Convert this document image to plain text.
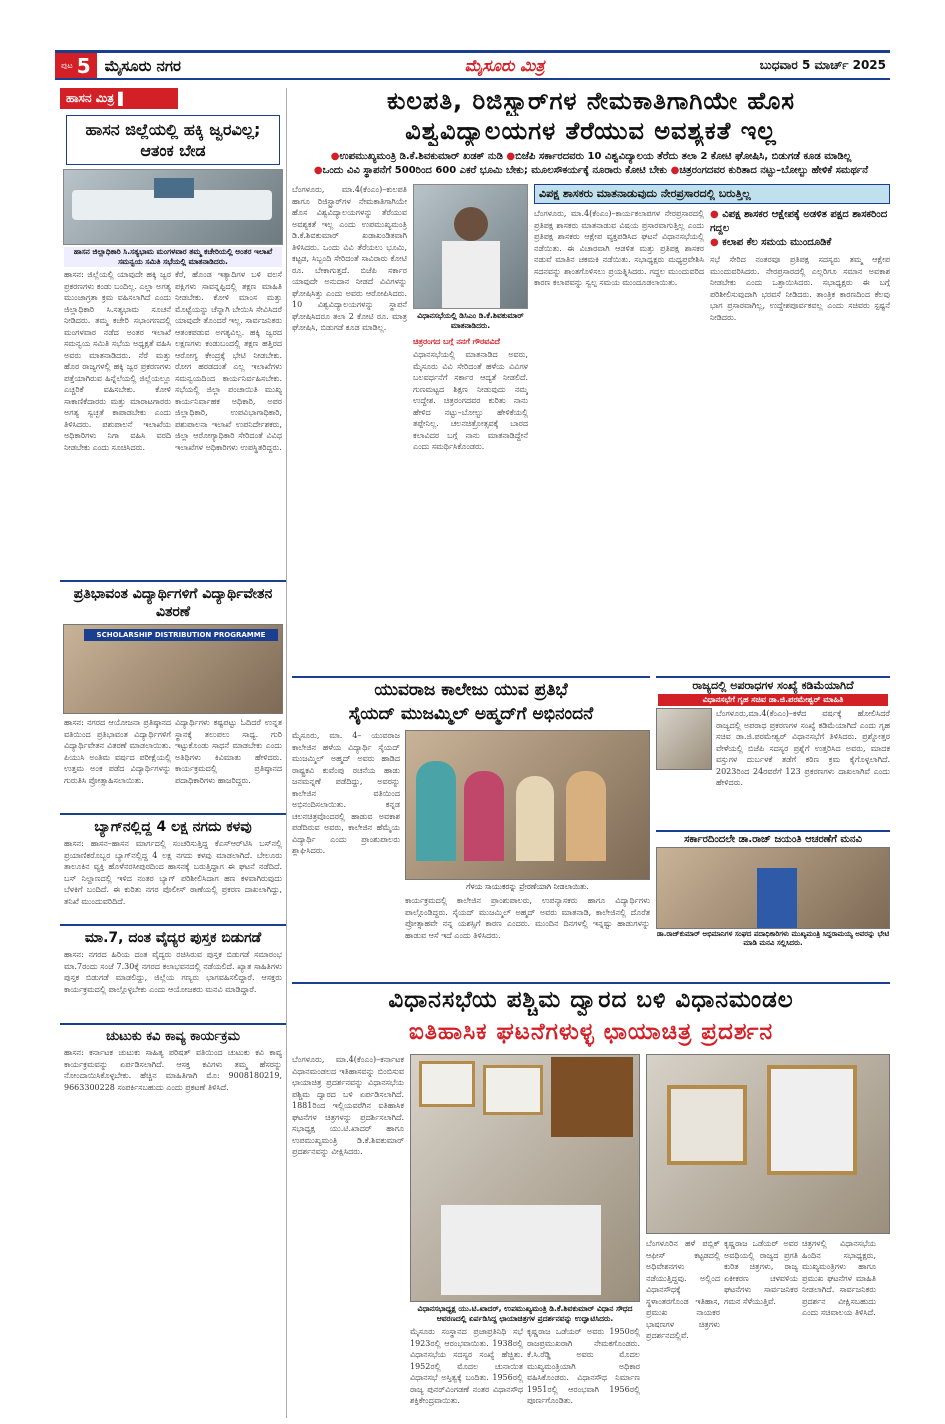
ಪುಟ 5 ಮೈಸೂರು ನಗರ	ಮೈಸೂರು ಮಿತ್ರ	ಬುಧವಾರ 5 ಮಾರ್ಚ್ 2025
ಹಾಸನ ಮಿತ್ರ ▌
ಹಾಸನ ಜಿಲ್ಲೆಯಲ್ಲಿ ಹಕ್ಕಿ ಜ್ವರವಿಲ್ಲ; ಆತಂಕ ಬೇಡ
ಹಾಸನ ಜಿಲ್ಲಾಧಿಕಾರಿ ಸಿ.ಸತ್ಯಭಾಮ ಮಂಗಳವಾರ ತಮ್ಮ ಕಚೇರಿಯಲ್ಲಿ ಅಂತರ ಇಲಾಖೆ ಸಮನ್ವಯ ಸಮಿತಿ ಸಭೆಯಲ್ಲಿ ಮಾತನಾಡಿದರು.
ಹಾಸನ: ಜಿಲ್ಲೆಯಲ್ಲಿ ಯಾವುದೇ ಹಕ್ಕಿ ಜ್ವರ ಪ್ರಕರಣಗಳು ಕಂಡು ಬಂದಿಲ್ಲ. ಎಲ್ಲಾ ಅಗತ್ಯ ಮುಂಜಾಗ್ರತಾ ಕ್ರಮ ವಹಿಸಲಾಗಿದೆ ಎಂದು ಜಿಲ್ಲಾಧಿಕಾರಿ ಸಿ.ಸತ್ಯಭಾಮ ಸೂಚನೆ ನೀಡಿದರು. ತಮ್ಮ ಕಚೇರಿ ಸಭಾಂಗಣದಲ್ಲಿ ಮಂಗಳವಾರ ನಡೆದ ಅಂತರ ಇಲಾಖೆ ಸಮನ್ವಯ ಸಮಿತಿ ಸಭೆಯ ಅಧ್ಯಕ್ಷತೆ ವಹಿಸಿ ಅವರು ಮಾತನಾಡಿದರು. ನೆರೆ ಮತ್ತು ಹೊರ ರಾಜ್ಯಗಳಲ್ಲಿ ಹಕ್ಕಿ ಜ್ವರ ಪ್ರಕರಣಗಳು ಪತ್ತೆಯಾಗಿರುವ ಹಿನ್ನೆಲೆಯಲ್ಲಿ ಜಿಲ್ಲೆಯಲ್ಲೂ ಎಚ್ಚರಿಕೆ ವಹಿಸಬೇಕು. ಕೋಳಿ ಸಾಕಾಣಿಕೆದಾರರು ಮತ್ತು ಮಾರಾಟಗಾರರು ಅಗತ್ಯ ಸ್ವಚ್ಛತೆ ಕಾಪಾಡಬೇಕು ಎಂದು ತಿಳಿಸಿದರು. ಪಶುಪಾಲನೆ ಇಲಾಖೆಯ ಅಧಿಕಾರಿಗಳು ನಿಗಾ ವಹಿಸಿ ವರದಿ ನೀಡಬೇಕು ಎಂದು ಸೂಚಿಸಿದರು.
ಕೆರೆ, ಹೊಂಡ ಇತ್ಯಾದಿಗಳ ಬಳಿ ವಲಸೆ ಪಕ್ಷಿಗಳು ಸಾವನ್ನಪ್ಪಿದಲ್ಲಿ ತಕ್ಷಣ ಮಾಹಿತಿ ನೀಡಬೇಕು. ಕೋಳಿ ಮಾಂಸ ಮತ್ತು ಮೊಟ್ಟೆಯನ್ನು ಚೆನ್ನಾಗಿ ಬೇಯಿಸಿ ಸೇವಿಸಿದರೆ ಯಾವುದೇ ತೊಂದರೆ ಇಲ್ಲ. ಸಾರ್ವಜನಿಕರು ಆತಂಕಪಡುವ ಅಗತ್ಯವಿಲ್ಲ. ಹಕ್ಕಿ ಜ್ವರದ ಲಕ್ಷಣಗಳು ಕಂಡುಬಂದಲ್ಲಿ ತಕ್ಷಣ ಹತ್ತಿರದ ಆರೋಗ್ಯ ಕೇಂದ್ರಕ್ಕೆ ಭೇಟಿ ನೀಡಬೇಕು. ರೋಗ ಹರಡದಂತೆ ಎಲ್ಲ ಇಲಾಖೆಗಳು ಸಮನ್ವಯದಿಂದ ಕಾರ್ಯನಿರ್ವಹಿಸಬೇಕು. ಸಭೆಯಲ್ಲಿ ಜಿಲ್ಲಾ ಪಂಚಾಯಿತಿ ಮುಖ್ಯ ಕಾರ್ಯನಿರ್ವಾಹಕ ಅಧಿಕಾರಿ, ಅಪರ ಜಿಲ್ಲಾಧಿಕಾರಿ, ಉಪವಿಭಾಗಾಧಿಕಾರಿ, ಪಶುಪಾಲನಾ ಇಲಾಖೆ ಉಪನಿರ್ದೇಶಕರು, ಜಿಲ್ಲಾ ಆರೋಗ್ಯಾಧಿಕಾರಿ ಸೇರಿದಂತೆ ವಿವಿಧ ಇಲಾಖೆಗಳ ಅಧಿಕಾರಿಗಳು ಉಪಸ್ಥಿತರಿದ್ದರು.
ಪ್ರತಿಭಾವಂತ ವಿದ್ಯಾರ್ಥಿಗಳಿಗೆ ವಿದ್ಯಾರ್ಥಿವೇತನ ವಿತರಣೆ
SCHOLARSHIP DISTRIBUTION PROGRAMME
ಹಾಸನ: ನಗರದ ಆಯೋಜನಾ ಪ್ರತಿಷ್ಠಾನದ ವತಿಯಿಂದ ಪ್ರತಿಭಾವಂತ ವಿದ್ಯಾರ್ಥಿಗಳಿಗೆ ವಿದ್ಯಾರ್ಥಿವೇತನ ವಿತರಣೆ ಮಾಡಲಾಯಿತು. ಪಿಯುಸಿ ಅಂತಿಮ ವರ್ಷದ ಪರೀಕ್ಷೆಯಲ್ಲಿ ಉತ್ತಮ ಅಂಕ ಪಡೆದ ವಿದ್ಯಾರ್ಥಿಗಳನ್ನು ಗುರುತಿಸಿ ಪ್ರೋತ್ಸಾಹಿಸಲಾಯಿತು.
ವಿದ್ಯಾರ್ಥಿಗಳು ಕಷ್ಟಪಟ್ಟು ಓದಿದರೆ ಉನ್ನತ ಸ್ಥಾನಕ್ಕೆ ತಲುಪಲು ಸಾಧ್ಯ. ಗುರಿ ಇಟ್ಟುಕೊಂಡು ಸಾಧನೆ ಮಾಡಬೇಕು ಎಂದು ಅತಿಥಿಗಳು ಕಿವಿಮಾತು ಹೇಳಿದರು. ಕಾರ್ಯಕ್ರಮದಲ್ಲಿ ಪ್ರತಿಷ್ಠಾನದ ಪದಾಧಿಕಾರಿಗಳು ಹಾಜರಿದ್ದರು.
ಬ್ಯಾಗ್‌ನಲ್ಲಿದ್ದ 4 ಲಕ್ಷ ನಗದು ಕಳವು
ಹಾಸನ: ಹಾಸನ–ಹಾಸನ ಮಾರ್ಗದಲ್ಲಿ ಸಂಚರಿಸುತ್ತಿದ್ದ ಕೆಎಸ್‌ಆರ್‌ಟಿಸಿ ಬಸ್‌ನಲ್ಲಿ ಪ್ರಯಾಣಿಕರೊಬ್ಬರ ಬ್ಯಾಗ್‌ನಲ್ಲಿದ್ದ 4 ಲಕ್ಷ ನಗದು ಕಳವು ಮಾಡಲಾಗಿದೆ. ಬೇಲೂರು ತಾಲೂಕಿನ ವ್ಯಕ್ತಿ ಹೊಳೆನರಸೀಪುರದಿಂದ ಹಾಸನಕ್ಕೆ ಬರುತ್ತಿದ್ದಾಗ ಈ ಘಟನೆ ನಡೆದಿದೆ. ಬಸ್ ನಿಲ್ದಾಣದಲ್ಲಿ ಇಳಿದ ನಂತರ ಬ್ಯಾಗ್ ಪರಿಶೀಲಿಸಿದಾಗ ಹಣ ಕಳವಾಗಿರುವುದು ಬೆಳಕಿಗೆ ಬಂದಿದೆ. ಈ ಕುರಿತು ನಗರ ಪೊಲೀಸ್ ಠಾಣೆಯಲ್ಲಿ ಪ್ರಕರಣ ದಾಖಲಾಗಿದ್ದು, ತನಿಖೆ ಮುಂದುವರಿದಿದೆ.
ಮಾ.7, ದಂತ ವೈದ್ಯರ ಪುಸ್ತಕ ಬಿಡುಗಡೆ
ಹಾಸನ: ನಗರದ ಹಿರಿಯ ದಂತ ವೈದ್ಯರು ರಚಿಸಿರುವ ಪುಸ್ತಕ ಬಿಡುಗಡೆ ಸಮಾರಂಭ ಮಾ.7ರಂದು ಸಂಜೆ 7.30ಕ್ಕೆ ನಗರದ ಕಲಾಭವನದಲ್ಲಿ ನಡೆಯಲಿದೆ. ಖ್ಯಾತ ಸಾಹಿತಿಗಳು ಪುಸ್ತಕ ಬಿಡುಗಡೆ ಮಾಡಲಿದ್ದು, ಜಿಲ್ಲೆಯ ಗಣ್ಯರು ಭಾಗವಹಿಸಲಿದ್ದಾರೆ. ಆಸಕ್ತರು ಕಾರ್ಯಕ್ರಮದಲ್ಲಿ ಪಾಲ್ಗೊಳ್ಳಬೇಕು ಎಂದು ಆಯೋಜಕರು ಮನವಿ ಮಾಡಿದ್ದಾರೆ.
ಚುಟುಕು ಕವಿ ಕಾವ್ಯ ಕಾರ್ಯಕ್ರಮ
ಹಾಸನ: ಕರ್ನಾಟಕ ಚುಟುಕು ಸಾಹಿತ್ಯ ಪರಿಷತ್ ವತಿಯಿಂದ ಚುಟುಕು ಕವಿ ಕಾವ್ಯ ಕಾರ್ಯಕ್ರಮವನ್ನು ಏರ್ಪಡಿಸಲಾಗಿದೆ. ಆಸಕ್ತ ಕವಿಗಳು ತಮ್ಮ ಹೆಸರನ್ನು ನೋಂದಾಯಿಸಿಕೊಳ್ಳಬೇಕು. ಹೆಚ್ಚಿನ ಮಾಹಿತಿಗಾಗಿ ಮೊ: 9008180219, 9663300228 ಸಂಪರ್ಕಿಸಬಹುದು ಎಂದು ಪ್ರಕಟಣೆ ತಿಳಿಸಿದೆ.
ಕುಲಪತಿ, ರಿಜಿಸ್ಟ್ರಾರ್‌ಗಳ ನೇಮಕಾತಿಗಾಗಿಯೇ ಹೊಸ
ವಿಶ್ವವಿದ್ಯಾಲಯಗಳ ತೆರೆಯುವ ಅವಶ್ಯಕತೆ ಇಲ್ಲ
●ಉಪಮುಖ್ಯಮಂತ್ರಿ ಡಿ.ಕೆ.ಶಿವಕುಮಾರ್ ಖಡಕ್ ನುಡಿ ●ಬಿಜೆಪಿ ಸರ್ಕಾರದವರು 10 ವಿಶ್ವವಿದ್ಯಾಲಯ ತೆರೆದು ತಲಾ 2 ಕೋಟಿ ಘೋಷಿಸಿ, ಬಿಡುಗಡೆ ಕೂಡ ಮಾಡಿಲ್ಲ
●ಒಂದು ವಿವಿ ಸ್ಥಾಪನೆಗೆ 500ರಿಂದ 600 ಎಕರೆ ಭೂಮಿ ಬೇಕು; ಮೂಲಸೌಕರ್ಯಕ್ಕೆ ನೂರಾರು ಕೋಟಿ ಬೇಕು ●ಚಿತ್ರರಂಗದವರ ಕುರಿತಾದ ನಟ್ಟು–ಬೋಲ್ಟು ಹೇಳಿಕೆ ಸಮರ್ಥನೆ
ಬೆಂಗಳೂರು, ಮಾ.4(ಕೆಂಎಂ)–ಕುಲಪತಿ ಹಾಗೂ ರಿಜಿಸ್ಟ್ರಾರ್‌ಗಳ ನೇಮಕಾತಿಗಾಗಿಯೇ ಹೊಸ ವಿಶ್ವವಿದ್ಯಾಲಯಗಳನ್ನು ತೆರೆಯುವ ಅವಶ್ಯಕತೆ ಇಲ್ಲ ಎಂದು ಉಪಮುಖ್ಯಮಂತ್ರಿ ಡಿ.ಕೆ.ಶಿವಕುಮಾರ್ ಖಡಾಖಂಡಿತವಾಗಿ ತಿಳಿಸಿದರು. ಒಂದು ವಿವಿ ತೆರೆಯಲು ಭೂಮಿ, ಕಟ್ಟಡ, ಸಿಬ್ಬಂದಿ ಸೇರಿದಂತೆ ಸಾವಿರಾರು ಕೋಟಿ ರೂ. ಬೇಕಾಗುತ್ತದೆ. ಬಿಜೆಪಿ ಸರ್ಕಾರ ಯಾವುದೇ ಅನುದಾನ ನೀಡದೆ ವಿವಿಗಳನ್ನು ಘೋಷಿಸಿತ್ತು ಎಂದು ಅವರು ಆರೋಪಿಸಿದರು. 10 ವಿಶ್ವವಿದ್ಯಾಲಯಗಳನ್ನು ಸ್ಥಾಪನೆ ಘೋಷಿಸಿದರೂ ತಲಾ 2 ಕೋಟಿ ರೂ. ಮಾತ್ರ ಘೋಷಿಸಿ, ಬಿಡುಗಡೆ ಕೂಡ ಮಾಡಿಲ್ಲ.
ವಿಧಾನಸಭೆಯಲ್ಲಿ ಡಿಸಿಎಂ ಡಿ.ಕೆ.ಶಿವಕುಮಾರ್ ಮಾತನಾಡಿದರು.
ಚಿತ್ರರಂಗದ ಬಗ್ಗೆ ನನಗೆ ಗೌರವವಿದೆ
ವಿಧಾನಸಭೆಯಲ್ಲಿ ಮಾತನಾಡಿದ ಅವರು, ಮೈಸೂರು ವಿವಿ ಸೇರಿದಂತೆ ಹಳೆಯ ವಿವಿಗಳ ಬಲವರ್ಧನೆಗೆ ಸರ್ಕಾರ ಆದ್ಯತೆ ನೀಡಲಿದೆ. ಗುಣಮಟ್ಟದ ಶಿಕ್ಷಣ ನೀಡುವುದು ನಮ್ಮ ಉದ್ದೇಶ. ಚಿತ್ರರಂಗದವರ ಕುರಿತು ನಾನು ಹೇಳಿದ ನಟ್ಟು–ಬೋಲ್ಟು ಹೇಳಿಕೆಯಲ್ಲಿ ತಪ್ಪೇನಿಲ್ಲ. ಚಲನಚಿತ್ರೋತ್ಸವಕ್ಕೆ ಬಾರದ ಕಲಾವಿದರ ಬಗ್ಗೆ ನಾನು ಮಾತನಾಡಿದ್ದೇನೆ ಎಂದು ಸಮರ್ಥಿಸಿಕೊಂಡರು.
ವಿಪಕ್ಷ ಶಾಸಕರು ಮಾತನಾಡುವುದು ನೇರಪ್ರಸಾರದಲ್ಲಿ ಬರುತ್ತಿಲ್ಲ
ಬೆಂಗಳೂರು, ಮಾ.4(ಕೆಂಎಂ)–ಕಾರ್ಯಕಲಾಪಗಳ ನೇರಪ್ರಸಾರದಲ್ಲಿ ಪ್ರತಿಪಕ್ಷ ಶಾಸಕರು ಮಾತನಾಡುವ ವಿಷಯ ಪ್ರಸಾರವಾಗುತ್ತಿಲ್ಲ ಎಂದು ಪ್ರತಿಪಕ್ಷ ಶಾಸಕರು ಆಕ್ಷೇಪ ವ್ಯಕ್ತಪಡಿಸಿದ ಘಟನೆ ವಿಧಾನಸಭೆಯಲ್ಲಿ ನಡೆಯಿತು. ಈ ವಿಚಾರವಾಗಿ ಆಡಳಿತ ಮತ್ತು ಪ್ರತಿಪಕ್ಷ ಶಾಸಕರ ನಡುವೆ ಮಾತಿನ ಚಕಮಕಿ ನಡೆಯಿತು. ಸಭಾಧ್ಯಕ್ಷರು ಮಧ್ಯಪ್ರವೇಶಿಸಿ ಸದನವನ್ನು ಶಾಂತಗೊಳಿಸಲು ಪ್ರಯತ್ನಿಸಿದರು. ಗದ್ದಲ ಮುಂದುವರಿದ ಕಾರಣ ಕಲಾಪವನ್ನು ಸ್ವಲ್ಪ ಸಮಯ ಮುಂದೂಡಲಾಯಿತು.
● ವಿಪಕ್ಷ ಶಾಸಕರ ಆಕ್ಷೇಪಕ್ಕೆ ಅಡಳಿತ ಪಕ್ಷದ ಶಾಸಕರಿಂದ ಗದ್ದಲ
● ಕಲಾಪ ಕೆಲ ಸಮಯ ಮುಂದೂಡಿಕೆ
ಸಭೆ ಸೇರಿದ ನಂತರವೂ ಪ್ರತಿಪಕ್ಷ ಸದಸ್ಯರು ತಮ್ಮ ಆಕ್ಷೇಪ ಮುಂದುವರಿಸಿದರು. ನೇರಪ್ರಸಾರದಲ್ಲಿ ಎಲ್ಲರಿಗೂ ಸಮಾನ ಅವಕಾಶ ನೀಡಬೇಕು ಎಂದು ಒತ್ತಾಯಿಸಿದರು. ಸಭಾಧ್ಯಕ್ಷರು ಈ ಬಗ್ಗೆ ಪರಿಶೀಲಿಸುವುದಾಗಿ ಭರವಸೆ ನೀಡಿದರು. ತಾಂತ್ರಿಕ ಕಾರಣದಿಂದ ಕೆಲವು ಭಾಗ ಪ್ರಸಾರವಾಗಿಲ್ಲ, ಉದ್ದೇಶಪೂರ್ವಕವಲ್ಲ ಎಂದು ಸಚಿವರು ಸ್ಪಷ್ಟನೆ ನೀಡಿದರು.
ಯುವರಾಜ ಕಾಲೇಜು ಯುವ ಪ್ರತಿಭೆ
ಸೈಯದ್ ಮುಜಮ್ಮಿಲ್ ಅಹ್ಮದ್‌ಗೆ ಅಭಿನಂದನೆ
ಮೈಸೂರು, ಮಾ. 4– ಯುವರಾಜ ಕಾಲೇಜಿನ ಹಳೆಯ ವಿದ್ಯಾರ್ಥಿ ಸೈಯದ್ ಮುಜಮ್ಮಿಲ್ ಅಹ್ಮದ್ ಅವರು ಹಾಡಿದ ರಾಷ್ಟ್ರಕವಿ ಕುವೆಂಪು ರಚನೆಯ ಹಾಡು ಜನಮನ್ನಣೆ ಪಡೆದಿದ್ದು, ಅವರನ್ನು ಕಾಲೇಜಿನ ವತಿಯಿಂದ ಅಭಿನಂದಿಸಲಾಯಿತು. ಕನ್ನಡ ಚಲನಚಿತ್ರವೊಂದರಲ್ಲಿ ಹಾಡುವ ಅವಕಾಶ ಪಡೆದಿರುವ ಅವರು, ಕಾಲೇಜಿನ ಹೆಮ್ಮೆಯ ವಿದ್ಯಾರ್ಥಿ ಎಂದು ಪ್ರಾಂಶುಪಾಲರು ಶ್ಲಾಘಿಸಿದರು.
ಗೆಳಯ ಸಾಯುಕರನ್ನು ಪ್ರೇರಣೆಯಾಗಿ ನೀಡಲಾಯಿತು.
ಕಾರ್ಯಕ್ರಮದಲ್ಲಿ ಕಾಲೇಜಿನ ಪ್ರಾಂಶುಪಾಲರು, ಉಪನ್ಯಾಸಕರು ಹಾಗೂ ವಿದ್ಯಾರ್ಥಿಗಳು ಪಾಲ್ಗೊಂಡಿದ್ದರು. ಸೈಯದ್ ಮುಜಮ್ಮಿಲ್ ಅಹ್ಮದ್ ಅವರು ಮಾತನಾಡಿ, ಕಾಲೇಜಿನಲ್ಲಿ ದೊರೆತ ಪ್ರೋತ್ಸಾಹವೇ ನನ್ನ ಯಶಸ್ಸಿಗೆ ಕಾರಣ ಎಂದರು. ಮುಂದಿನ ದಿನಗಳಲ್ಲಿ ಇನ್ನಷ್ಟು ಹಾಡುಗಳನ್ನು ಹಾಡುವ ಆಸೆ ಇದೆ ಎಂದು ತಿಳಿಸಿದರು.
ರಾಜ್ಯದಲ್ಲಿ ಅಪರಾಧಗಳ ಸಂಖ್ಯೆ ಕಡಿಮೆಯಾಗಿದೆ
ವಿಧಾನಸಭೆಗೆ ಗೃಹ ಸಚಿವ ಡಾ.ಜಿ.ಪರಮೇಶ್ವರ್ ಮಾಹಿತಿ
ಬೆಂಗಳೂರು,ಮಾ.4(ಕೆಂಎಂ)–ಕಳೆದ ವರ್ಷಕ್ಕೆ ಹೋಲಿಸಿದರೆ ರಾಜ್ಯದಲ್ಲಿ ಅಪರಾಧ ಪ್ರಕರಣಗಳ ಸಂಖ್ಯೆ ಕಡಿಮೆಯಾಗಿದೆ ಎಂದು ಗೃಹ ಸಚಿವ ಡಾ.ಜಿ.ಪರಮೇಶ್ವರ್ ವಿಧಾನಸಭೆಗೆ ತಿಳಿಸಿದರು. ಪ್ರಶ್ನೋತ್ತರ ವೇಳೆಯಲ್ಲಿ ಬಿಜೆಪಿ ಸದಸ್ಯರ ಪ್ರಶ್ನೆಗೆ ಉತ್ತರಿಸಿದ ಅವರು, ಮಾದಕ ವಸ್ತುಗಳ ದುರ್ಬಳಕೆ ತಡೆಗೆ ಕಠಿಣ ಕ್ರಮ ಕೈಗೊಳ್ಳಲಾಗಿದೆ. 2023ರಿಂದ 24ರವರೆಗೆ 123 ಪ್ರಕರಣಗಳು ದಾಖಲಾಗಿವೆ ಎಂದು ಹೇಳಿದರು.
ಸರ್ಕಾರದಿಂದಲೇ ಡಾ.ರಾಜ್ ಜಯಂತಿ ಆಚರಣೆಗೆ ಮನವಿ
ಡಾ.ರಾಜ್‌ಕುಮಾರ್ ಅಭಿಮಾನಿಗಳ ಸಂಘದ ಪದಾಧಿಕಾರಿಗಳು ಮುಖ್ಯಮಂತ್ರಿ ಸಿದ್ದರಾಮಯ್ಯ ಅವರನ್ನು ಭೇಟಿ ಮಾಡಿ ಮನವಿ ಸಲ್ಲಿಸಿದರು.
ವಿಧಾನಸಭೆಯ ಪಶ್ಚಿಮ ದ್ವಾರದ ಬಳಿ ವಿಧಾನಮಂಡಲ
ಐತಿಹಾಸಿಕ ಘಟನೆಗಳುಳ್ಳ ಛಾಯಾಚಿತ್ರ ಪ್ರದರ್ಶನ
ಬೆಂಗಳೂರು, ಮಾ.4(ಕೆಂಎಂ)–ಕರ್ನಾಟಕ ವಿಧಾನಮಂಡಲದ ಇತಿಹಾಸವನ್ನು ಬಿಂಬಿಸುವ ಛಾಯಾಚಿತ್ರ ಪ್ರದರ್ಶನವನ್ನು ವಿಧಾನಸಭೆಯ ಪಶ್ಚಿಮ ದ್ವಾರದ ಬಳಿ ಏರ್ಪಡಿಸಲಾಗಿದೆ. 1881ರಿಂದ ಇಲ್ಲಿಯವರೆಗಿನ ಐತಿಹಾಸಿಕ ಘಟನೆಗಳ ಚಿತ್ರಗಳನ್ನು ಪ್ರದರ್ಶಿಸಲಾಗಿದೆ. ಸಭಾಧ್ಯಕ್ಷ ಯು.ಟಿ.ಖಾದರ್ ಹಾಗೂ ಉಪಮುಖ್ಯಮಂತ್ರಿ ಡಿ.ಕೆ.ಶಿವಕುಮಾರ್ ಪ್ರದರ್ಶನವನ್ನು ವೀಕ್ಷಿಸಿದರು.
ವಿಧಾನಸಭಾಧ್ಯಕ್ಷ ಯು.ಟಿ.ಖಾದರ್, ಉಪಮುಖ್ಯಮಂತ್ರಿ ಡಿ.ಕೆ.ಶಿವಕುಮಾರ್ ವಿಧಾನ ಸೌಧದ ಆವರಣದಲ್ಲಿ ಏರ್ಪಡಿಸಿದ್ದ ಛಾಯಾಚಿತ್ರಗಳ ಪ್ರದರ್ಶನವನ್ನು ಉದ್ಘಾಟಿಸಿದರು.
ಮೈಸೂರು ಸಂಸ್ಥಾನದ ಪ್ರಜಾಪ್ರತಿನಿಧಿ ಸಭೆ 1923ರಲ್ಲಿ ಆರಂಭವಾಯಿತು. 1938ರಲ್ಲಿ ವಿಧಾನಸಭೆಯ ಸದಸ್ಯರ ಸಂಖ್ಯೆ ಹೆಚ್ಚಿತು. 1952ರಲ್ಲಿ ಮೊದಲ ಚುನಾಯಿತ ವಿಧಾನಸಭೆ ಅಸ್ತಿತ್ವಕ್ಕೆ ಬಂದಿತು. 1956ರಲ್ಲಿ ರಾಜ್ಯ ಪುನರ್‌ವಿಂಗಡಣೆ ನಂತರ ವಿಧಾನಸೌಧ ಶಕ್ತಿಕೇಂದ್ರವಾಯಿತು.
ಕೃಷ್ಣರಾಜ ಒಡೆಯರ್ ಅವರು 1950ರಲ್ಲಿ ರಾಜಪ್ರಮುಖರಾಗಿ ನೇಮಕಗೊಂಡರು. ಕೆ.ಸಿ.ರೆಡ್ಡಿ ಅವರು ಮೊದಲ ಮುಖ್ಯಮಂತ್ರಿಯಾಗಿ ಅಧಿಕಾರ ವಹಿಸಿಕೊಂಡರು. ವಿಧಾನಸೌಧ ನಿರ್ಮಾಣ 1951ರಲ್ಲಿ ಆರಂಭವಾಗಿ 1956ರಲ್ಲಿ ಪೂರ್ಣಗೊಂಡಿತು.
ಬೆಂಗಳೂರಿನ ಹಳೆ ಪಬ್ಲಿಕ್ ಆಫೀಸ್ ಕಟ್ಟಡದಲ್ಲಿ ಅಧಿವೇಶನಗಳು ನಡೆಯುತ್ತಿದ್ದವು. ಅಲ್ಲಿಂದ ವಿಧಾನಸೌಧಕ್ಕೆ ಸ್ಥಳಾಂತರಗೊಂಡ ಇತಿಹಾಸ, ಪ್ರಮುಖ ನಾಯಕರ ಭಾಷಣಗಳ ಚಿತ್ರಗಳು ಪ್ರದರ್ಶನದಲ್ಲಿವೆ.
ಕೃಷ್ಣರಾಜ ಒಡೆಯರ್ ಅವರ ಅವಧಿಯಲ್ಲಿ ರಾಜ್ಯದ ಪ್ರಗತಿ ಕುರಿತ ಚಿತ್ರಗಳು, ರಾಜ್ಯ ಏಕೀಕರಣ ಚಳವಳಿಯ ಘಟನೆಗಳು ಸಾರ್ವಜನಿಕರ ಗಮನ ಸೆಳೆಯುತ್ತಿವೆ.
ಚಿತ್ರಗಳಲ್ಲಿ ವಿಧಾನಸಭೆಯ ಹಿಂದಿನ ಸಭಾಧ್ಯಕ್ಷರು, ಮುಖ್ಯಮಂತ್ರಿಗಳು ಹಾಗೂ ಪ್ರಮುಖ ಘಟನೆಗಳ ಮಾಹಿತಿ ನೀಡಲಾಗಿದೆ. ಸಾರ್ವಜನಿಕರು ಪ್ರದರ್ಶನ ವೀಕ್ಷಿಸಬಹುದು ಎಂದು ಸಚಿವಾಲಯ ತಿಳಿಸಿದೆ.
